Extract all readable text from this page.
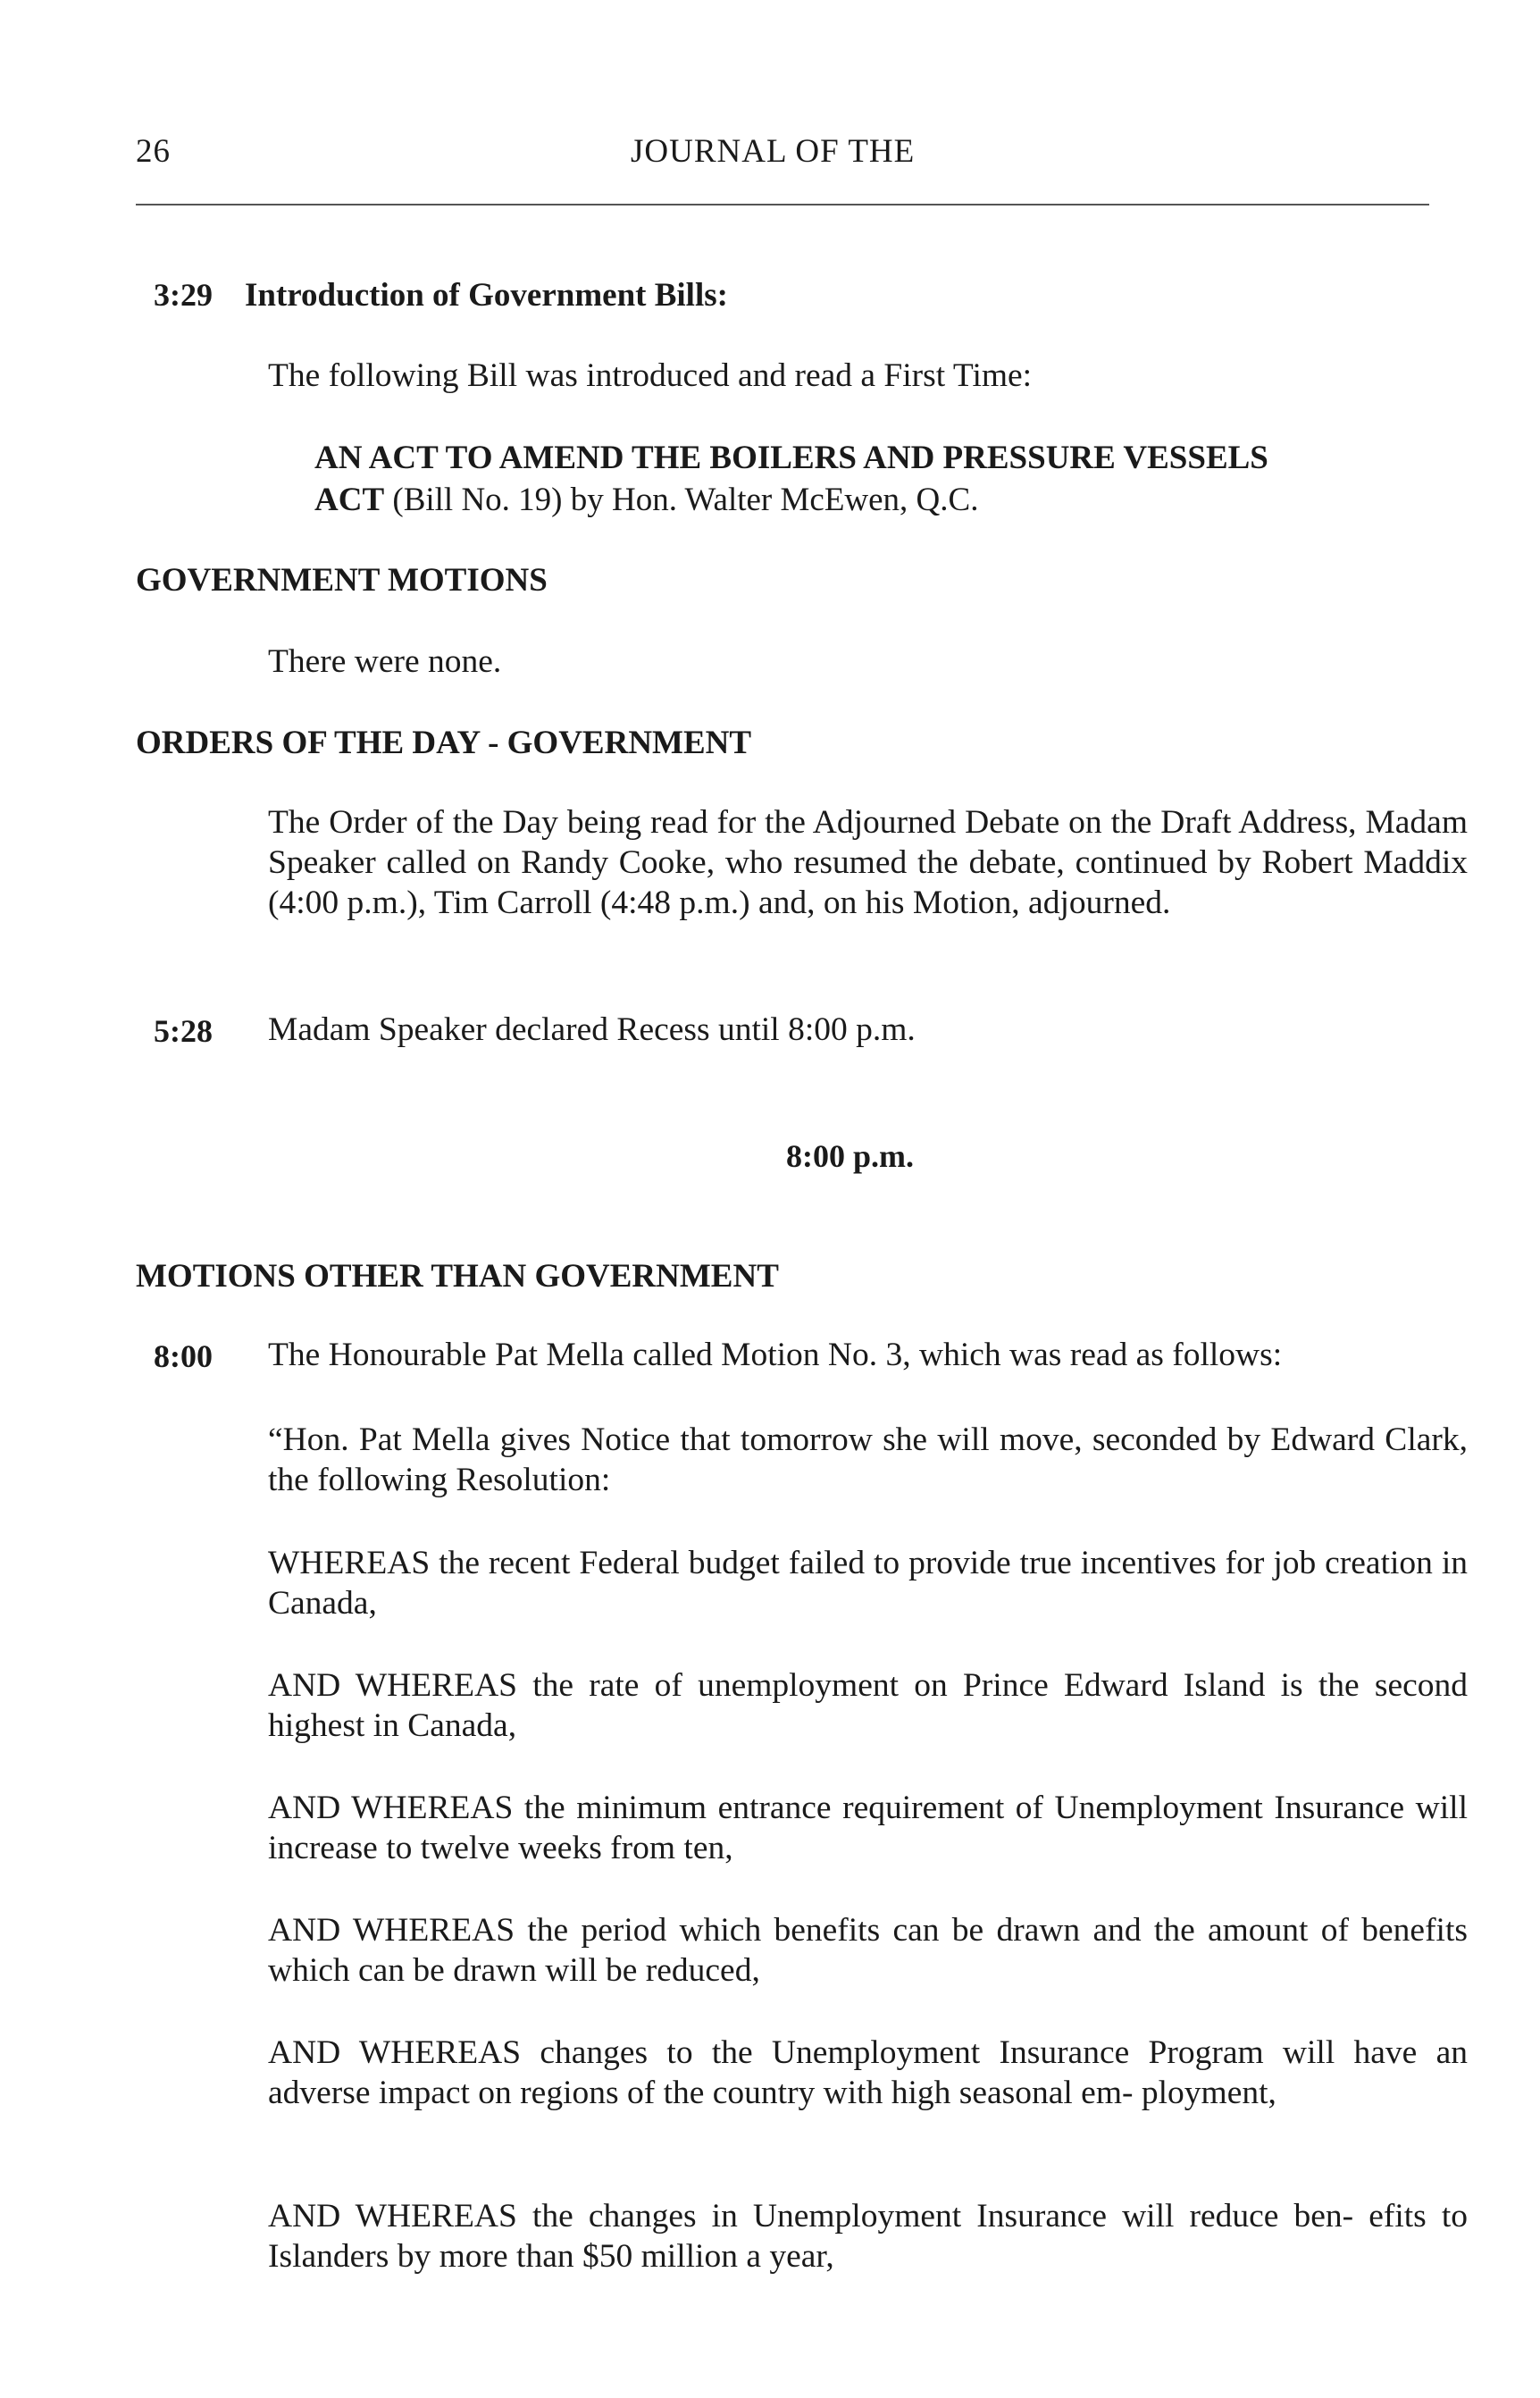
26	JOURNAL OF THE
3:29 Introduction of Government Bills:
The following Bill was introduced and read a First Time:
AN ACT TO AMEND THE BOILERS AND PRESSURE VESSELS
ACT (Bill No. 19) by Hon. Walter McEwen, Q.C.
GOVERNMENT MOTIONS
There were none.
ORDERS OF THE DAY - GOVERNMENT
The Order of the Day being read for the Adjourned Debate on the Draft Address, Madam Speaker called on Randy Cooke, who resumed the debate, continued by Robert Maddix (4:00 p.m.), Tim Carroll (4:48 p.m.) and, on his Motion, adjourned.
5:28 Madam Speaker declared Recess until 8:00 p.m.
8:00 p.m.
MOTIONS OTHER THAN GOVERNMENT
8:00 The Honourable Pat Mella called Motion No. 3, which was read as follows:
“Hon. Pat Mella gives Notice that tomorrow she will move, seconded by Edward Clark, the following Resolution:
WHEREAS the recent Federal budget failed to provide true incentives for job creation in Canada,
AND WHEREAS the rate of unemployment on Prince Edward Island is the second highest in Canada,
AND WHEREAS the minimum entrance requirement of Unemployment Insurance will increase to twelve weeks from ten,
AND WHEREAS the period which benefits can be drawn and the amount of benefits which can be drawn will be reduced,
AND WHEREAS changes to the Unemployment Insurance Program will have an adverse impact on regions of the country with high seasonal em- ployment,
AND WHEREAS the changes in Unemployment Insurance will reduce ben- efits to Islanders by more than $50 million a year,
